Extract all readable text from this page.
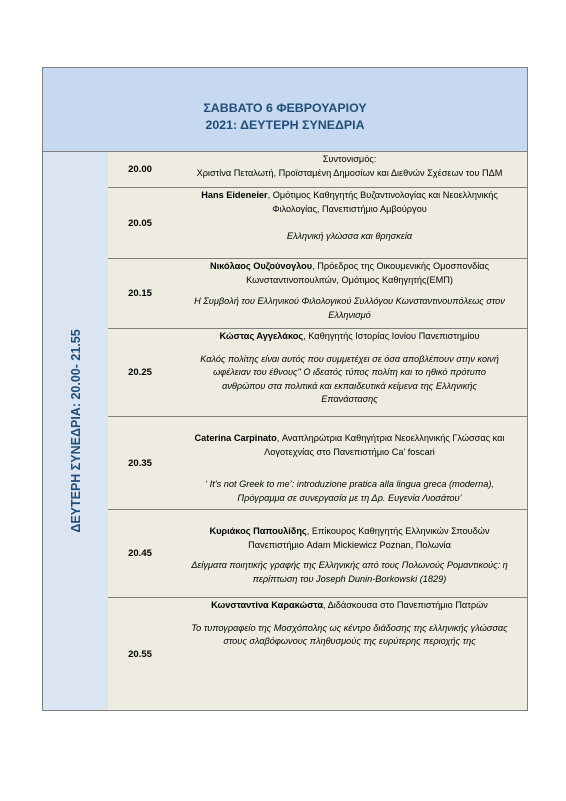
ΣΑΒΒΑΤΟ 6 ΦΕΒΡΟΥΑΡΙΟΥ
2021: ΔΕΥΤΕΡΗ ΣΥΝΕΔΡΙΑ
ΔΕΥΤΕΡΗ ΣΥΝΕΔΡΙΑ: 20.00- 21.55
20.00

Συντονισμός:

Χριστίνα Πεταλωτή, Προϊσταμένη Δημοσίων και Διεθνών Σχέσεων του ΠΔΜ

20.05

Hans Eideneier, Ομότιμος Καθηγητής Βυζαντινολογίας και Νεοελληνικής

Φιλολογίας, Πανεπιστήμιο Αμβούργου

Ελληνική γλώσσα και θρησκεία

20.15

Νικόλαος Ουζούνογλου, Πρόεδρος της Οικουμενικής Ομοσπονδίας

Κωνσταντινοπουλιτών, Ομότιμος Καθηγητής(ΕΜΠ)

Η Συμβολή του Ελληνικού Φιλολογικού Συλλόγου Κωνσταντινουπόλεως στον

Ελληνισμό

20.25

Κώστας Αγγελάκος, Καθηγητής Ιστορίας Ιονίου Πανεπιστημίου

Καλός πολίτης είναι αυτός που συμμετέχει σε όσα αποβλέπουν στην κοινή

ωφέλειαν του έθνους" Ο ιδεατός τύπος πολίτη και το ηθικό πρότυπο

ανθρώπου στα πολιτικά και εκπαιδευτικά κείμενα της Ελληνικής

Επανάστασης

20.35

Caterina Carpinato, Αναπληρώτρια Καθηγήτρια Νεοελληνικής Γλώσσας και

Λογοτεχνίας στο Πανεπιστήμιο Ca' foscari

‘ It’s not Greek to me’: introduzione pratica alla lingua greca (moderna),

Πρόγραμμα σε συνεργασία με τη Δρ. Ευγενία Λιοσάτου’

20.45

Κυριάκος Παπουλίδης, Επίκουρος Καθηγητής Ελληνικών Σπουδών

Πανεπιστήμιο Adam Mickiewicz Poznan, Πολωνία

Δείγματα ποιητικής γραφής της Ελληνικής από τους Πολωνούς Ρομαντικούς: η

περίπτωση του Joseph Dunin-Borkowski (1829)

20.55

Κωνσταντίνα Καρακώστα, Διδάσκουσα στο Πανεπιστήμιο Πατρών

Το τυπογραφείο της Μοσχόπολης ως κέντρο διάδοσης της ελληνικής γλώσσας

στους σλαβόφωνους πληθυσμούς της ευρύτερης περιοχής της
